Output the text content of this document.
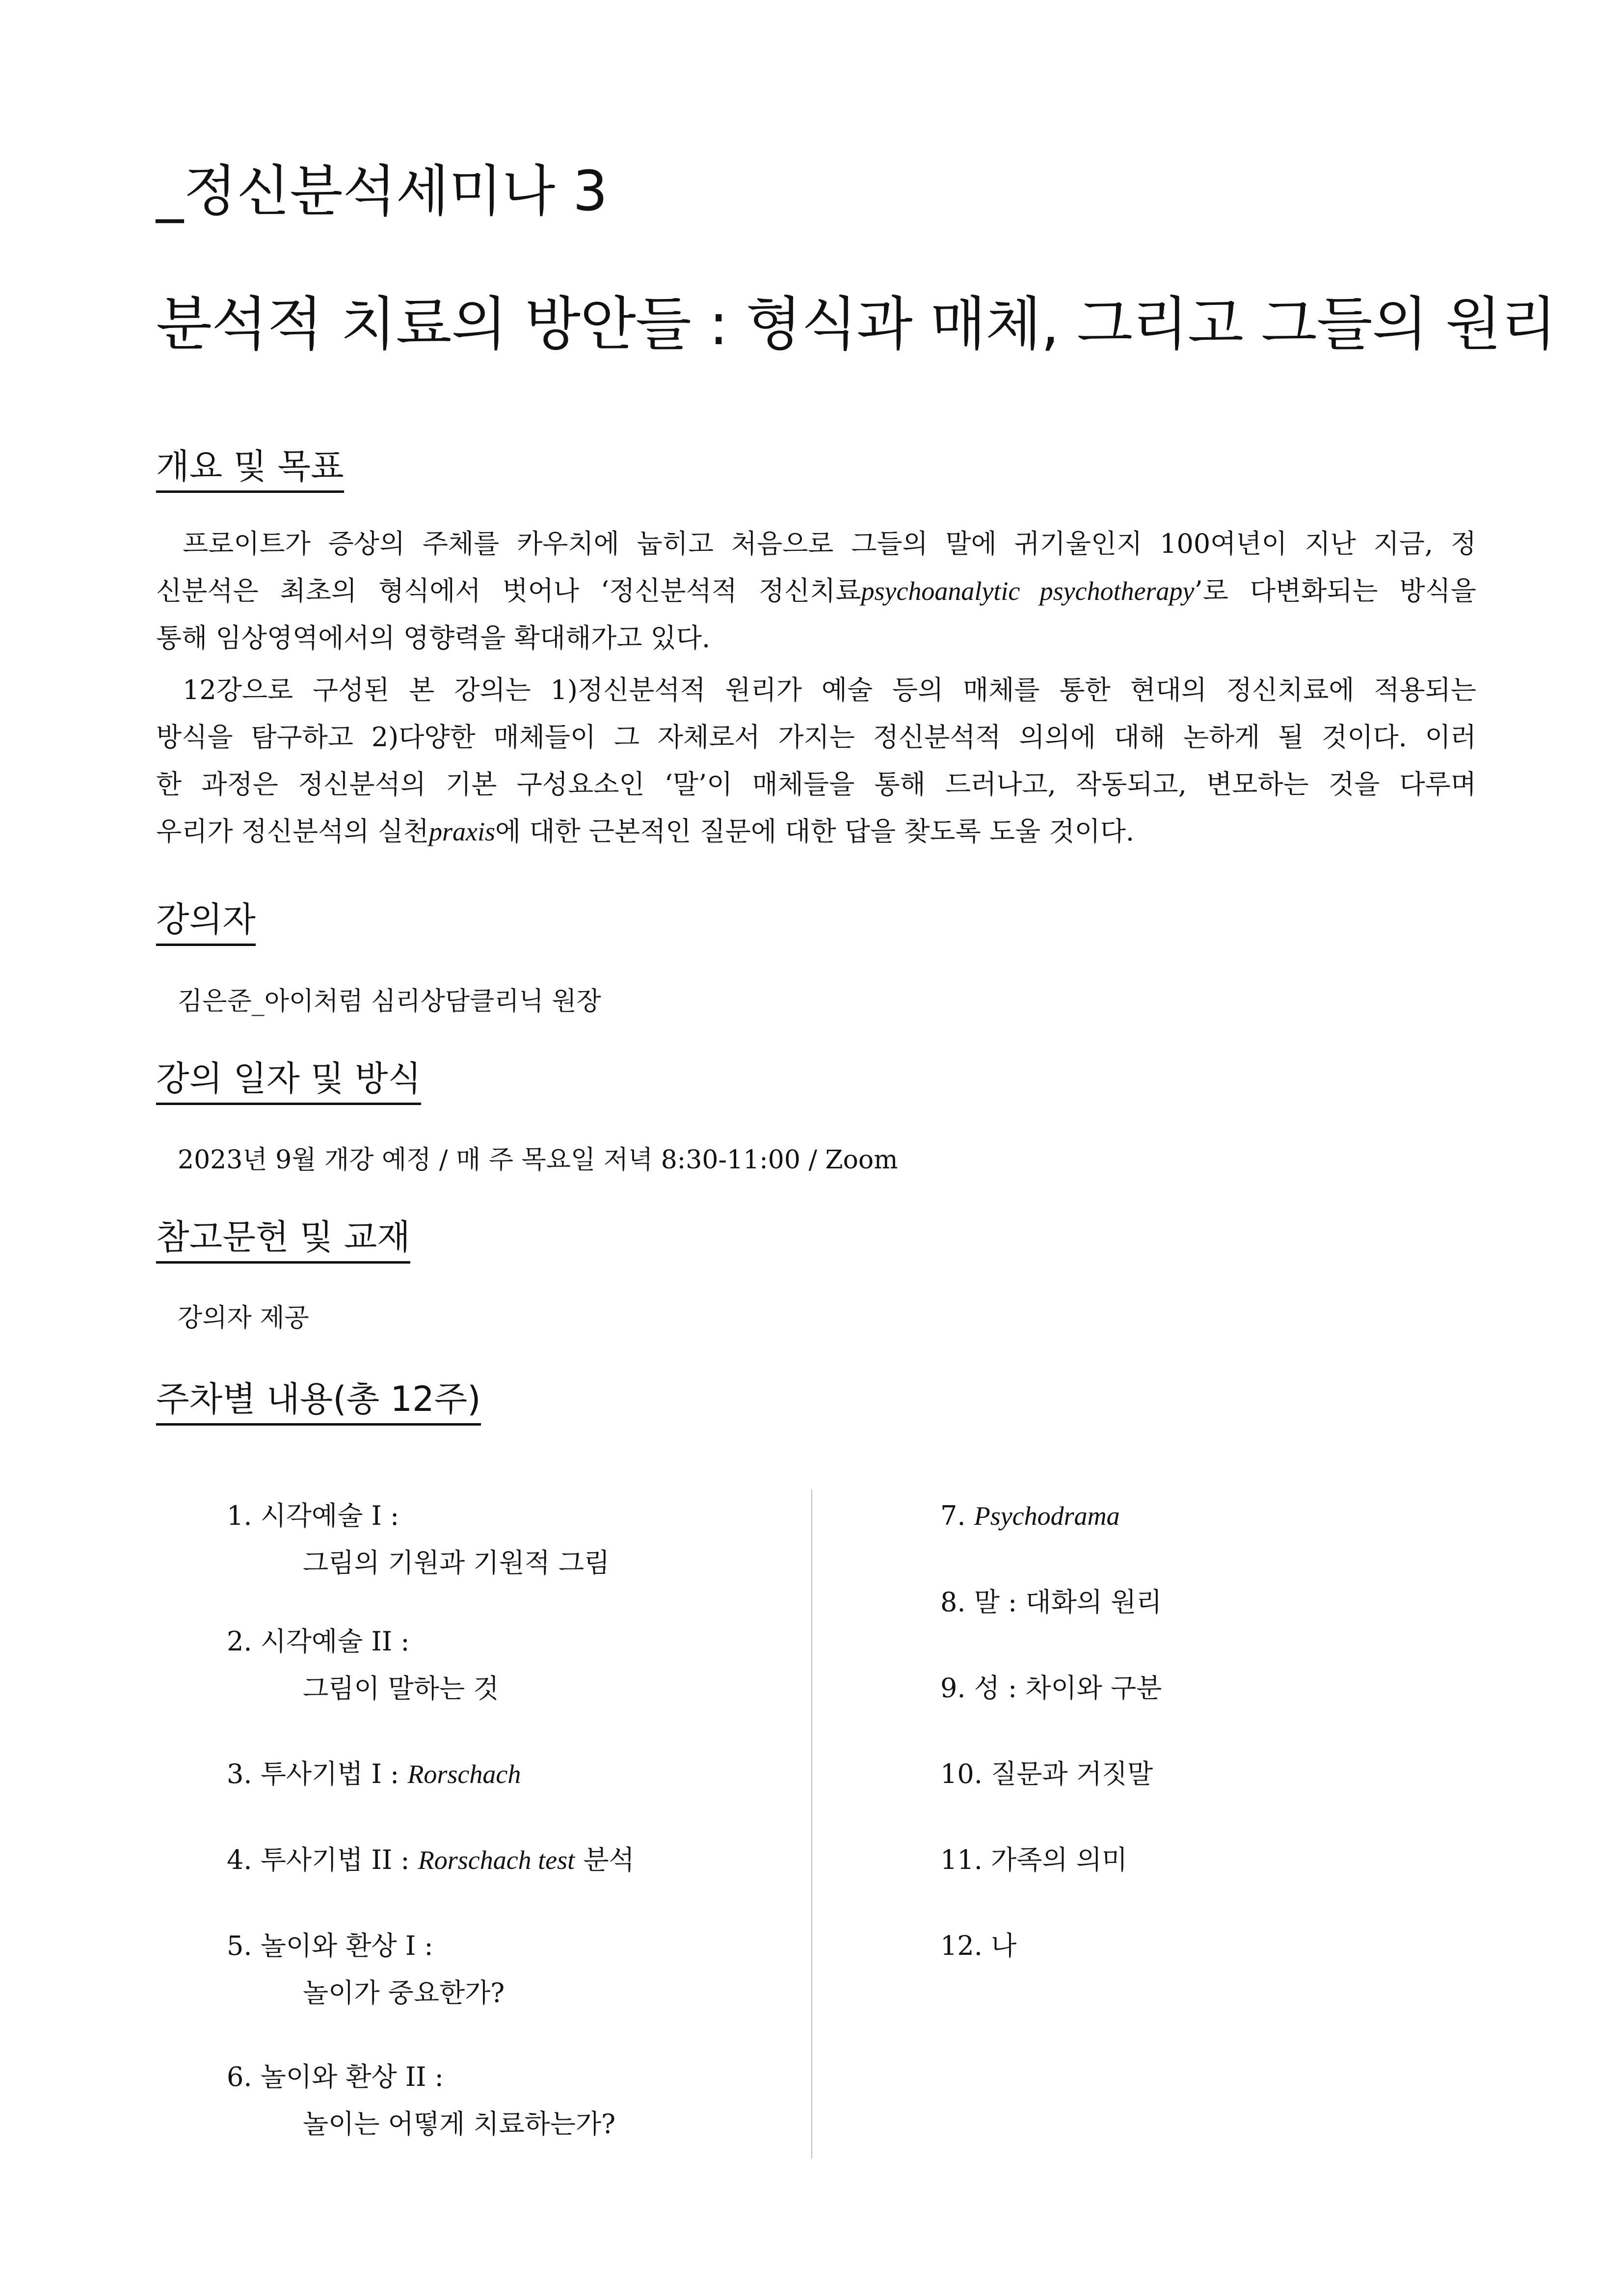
_정신분석세미나 3
분석적 치료의 방안들 : 형식과 매체, 그리고 그들의 원리
개요 및 목표
프로이트가 증상의 주체를 카우치에 눕히고 처음으로 그들의 말에 귀기울인지 100여년이 지난 지금, 정
신분석은 최초의 형식에서 벗어나 ‘정신분석적 정신치료psychoanalytic psychotherapy’로 다변화되는 방식을
통해 임상영역에서의 영향력을 확대해가고 있다.
12강으로 구성된 본 강의는 1)정신분석적 원리가 예술 등의 매체를 통한 현대의 정신치료에 적용되는
방식을 탐구하고 2)다양한 매체들이 그 자체로서 가지는 정신분석적 의의에 대해 논하게 될 것이다. 이러
한 과정은 정신분석의 기본 구성요소인 ‘말’이 매체들을 통해 드러나고, 작동되고, 변모하는 것을 다루며
우리가 정신분석의 실천praxis에 대한 근본적인 질문에 대한 답을 찾도록 도울 것이다.
강의자
김은준_아이처럼 심리상담클리닉 원장
강의 일자 및 방식
2023년 9월 개강 예정 / 매 주 목요일 저녁 8:30-11:00 / Zoom
참고문헌 및 교재
강의자 제공
주차별 내용(총 12주)
1. 시각예술 I :
그림의 기원과 기원적 그림
2. 시각예술 II :
그림이 말하는 것
3. 투사기법 I : Rorschach
4. 투사기법 II : Rorschach test 분석
5. 놀이와 환상 I :
놀이가 중요한가?
6. 놀이와 환상 II :
놀이는 어떻게 치료하는가?
7. Psychodrama
8. 말 : 대화의 원리
9. 성 : 차이와 구분
10. 질문과 거짓말
11. 가족의 의미
12. 나
